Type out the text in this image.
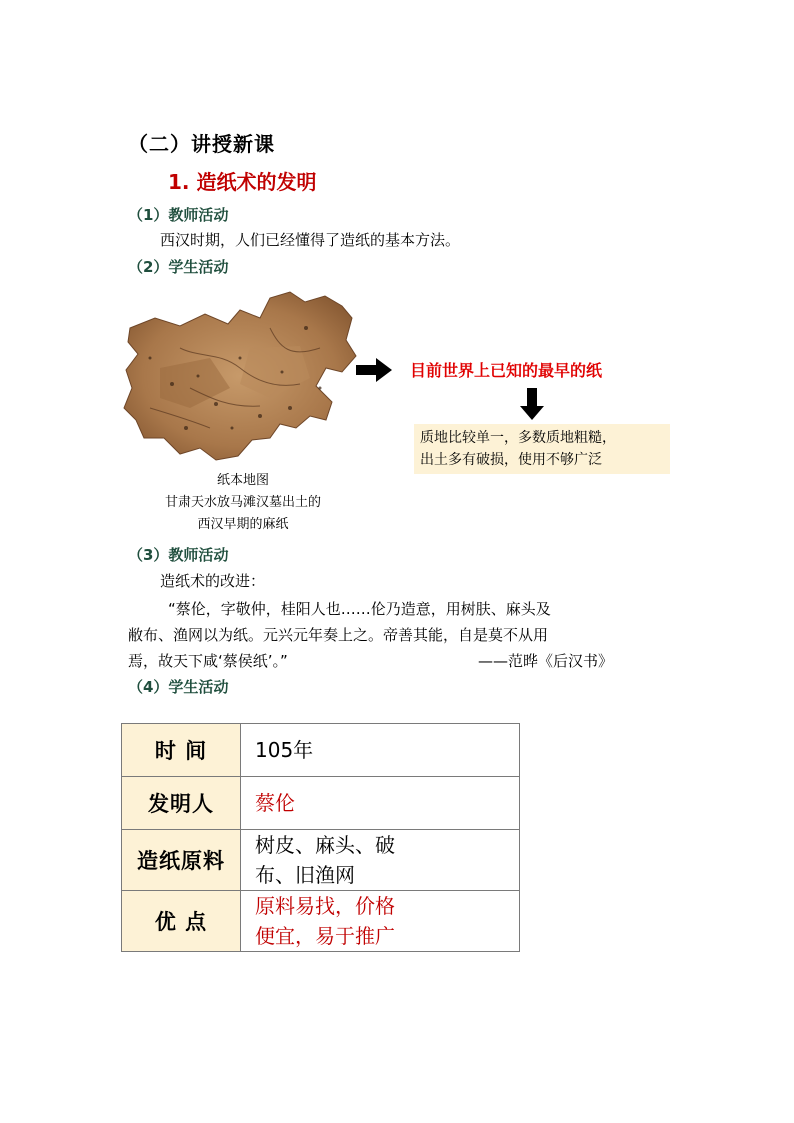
（二）讲授新课
1. 造纸术的发明
（1）教师活动
西汉时期，人们已经懂得了造纸的基本方法。
（2）学生活动
纸本地图
甘肃天水放马滩汉墓出土的
西汉早期的麻纸
目前世界上已知的最早的纸
质地比较单一，多数质地粗糙，
出土多有破损，使用不够广泛
（3）教师活动
造纸术的改进：
“蔡伦，字敬仲，桂阳人也……伦乃造意，用树肤、麻头及
敝布、渔网以为纸。元兴元年奏上之。帝善其能，自是莫不从用
焉，故天下咸‘蔡侯纸’。”	——范晔《后汉书》
（4）学生活动
时 间	105年
发明人	蔡伦
造纸原料	树皮、麻头、破
布、旧渔网

优 点	原料易找，价格
便宜，易于推广
